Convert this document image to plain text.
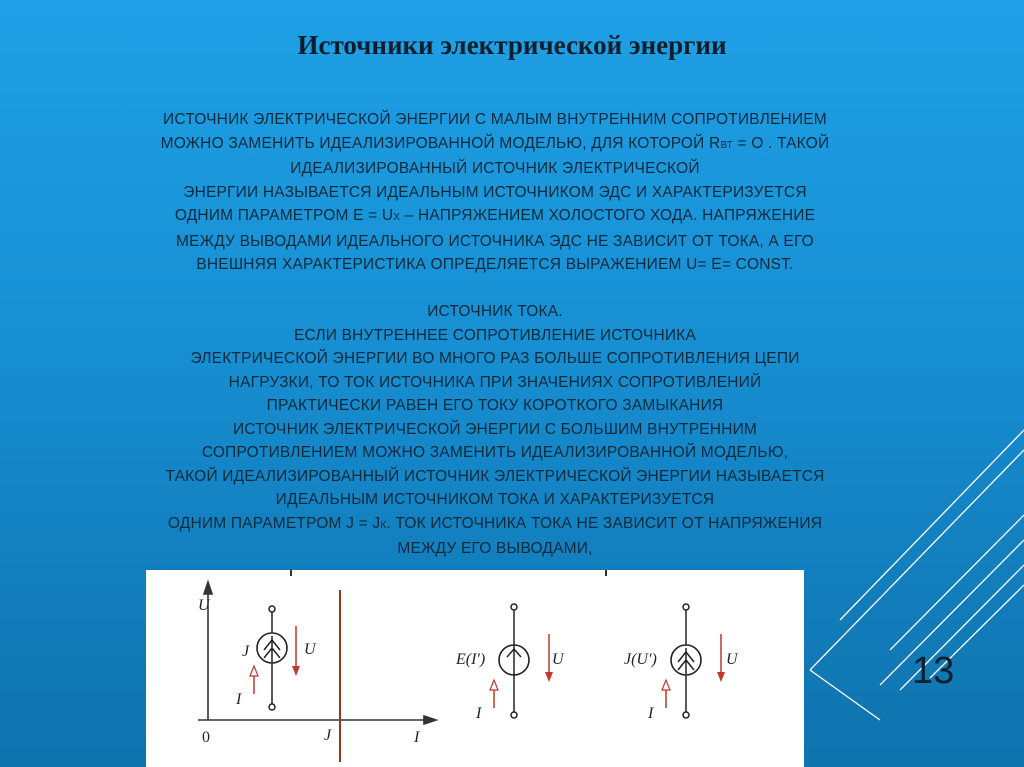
Источники электрической энергии

ИСТОЧНИК ЭЛЕКТРИЧЕСКОЙ ЭНЕРГИИ С МАЛЫМ ВНУТРЕННИМ СОПРОТИВЛЕНИЕМ

МОЖНО ЗАМЕНИТЬ ИДЕАЛИЗИРОВАННОЙ МОДЕЛЬЮ, ДЛЯ КОТОРОЙ RВТ = O . ТАКОЙ

ИДЕАЛИЗИРОВАННЫЙ ИСТОЧНИК ЭЛЕКТРИЧЕСКОЙ

ЭНЕРГИИ НАЗЫВАЕТСЯ ИДЕАЛЬНЫМ ИСТОЧНИКОМ ЭДС И ХАРАКТЕРИЗУЕТСЯ

ОДНИМ ПАРАМЕТРОМ E = UX – НАПРЯЖЕНИЕМ ХОЛОСТОГО ХОДА. НАПРЯЖЕНИЕ

МЕЖДУ ВЫВОДАМИ ИДЕАЛЬНОГО ИСТОЧНИКА ЭДС НЕ ЗАВИСИТ ОТ ТОКА, А ЕГО

ВНЕШНЯЯ ХАРАКТЕРИСТИКА ОПРЕДЕЛЯЕТСЯ ВЫРАЖЕНИЕМ U= E= CONST.

ИСТОЧНИК ТОКА.

ЕСЛИ ВНУТРЕННЕЕ СОПРОТИВЛЕНИЕ ИСТОЧНИКА

ЭЛЕКТРИЧЕСКОЙ ЭНЕРГИИ ВО МНОГО РАЗ БОЛЬШЕ СОПРОТИВЛЕНИЯ ЦЕПИ

НАГРУЗКИ, ТО ТОК ИСТОЧНИКА ПРИ ЗНАЧЕНИЯХ СОПРОТИВЛЕНИЙ

ПРАКТИЧЕСКИ РАВЕН ЕГО ТОКУ КОРОТКОГО ЗАМЫКАНИЯ

ИСТОЧНИК ЭЛЕКТРИЧЕСКОЙ ЭНЕРГИИ С БОЛЬШИМ ВНУТРЕННИМ

СОПРОТИВЛЕНИЕМ МОЖНО ЗАМЕНИТЬ ИДЕАЛИЗИРОВАННОЙ МОДЕЛЬЮ,

ТАКОЙ ИДЕАЛИЗИРОВАННЫЙ ИСТОЧНИК ЭЛЕКТРИЧЕСКОЙ ЭНЕРГИИ НАЗЫВАЕТСЯ

ИДЕАЛЬНЫМ ИСТОЧНИКОМ ТОКА И ХАРАКТЕРИЗУЕТСЯ

ОДНИМ ПАРАМЕТРОМ J = JК. ТОК ИСТОЧНИКА ТОКА НЕ ЗАВИСИТ ОТ НАПРЯЖЕНИЯ

МЕЖДУ ЕГО ВЫВОДАМИ,

13
U
I
0	J
J	U
I
E(I′)	U
I
J(U′)	U
I
